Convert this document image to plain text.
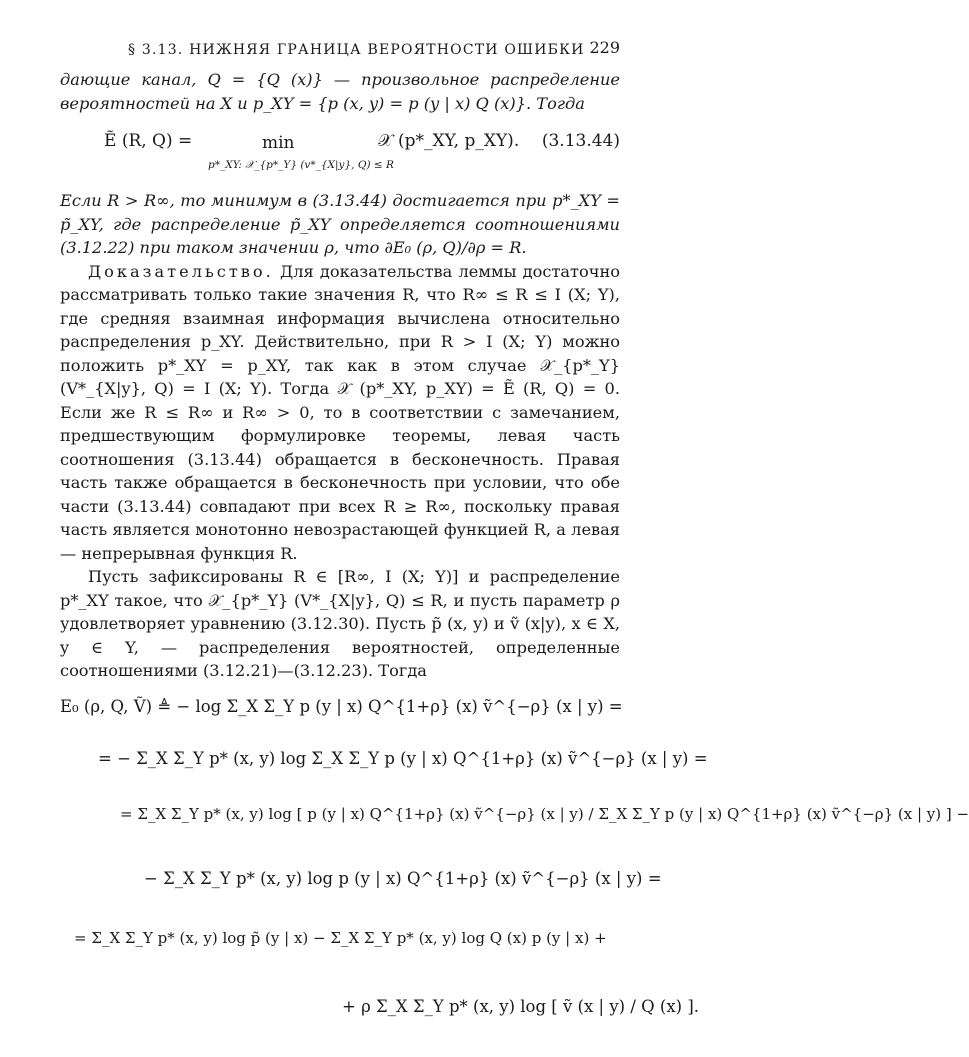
§ 3.13. НИЖНЯЯ ГРАНИЦА ВЕРОЯТНОСТИ ОШИБКИ 229

дающие канал, Q = {Q (x)} — произвольное распределение вероятностей на X и p_XY = {p (x, y) = p (y | x) Q (x)}. Тогда

Ẽ (R, Q) =	min
p*_XY: 𝒳_{p*_Y} (v*_{X|y}, Q) ≤ R
𝒳 (p*_XY, p_XY). (3.13.44)

Если R > R∞, то минимум в (3.13.44) достигается при p*_XY = p̃_XY, где распределение p̃_XY определяется соотношениями (3.12.22) при таком значении ρ, что ∂E₀ (ρ, Q)/∂ρ = R.

Доказательство. Для доказательства леммы достаточно рассматривать только такие значения R, что R∞ ≤ R ≤ I (X; Y), где средняя взаимная информация вычислена относительно распределения p_XY. Действительно, при R > I (X; Y) можно положить p*_XY = p_XY, так как в этом случае 𝒳_{p*_Y} (V*_{X|y}, Q) = I (X; Y). Тогда 𝒳 (p*_XY, p_XY) = Ẽ (R, Q) = 0. Если же R ≤ R∞ и R∞ > 0, то в соответствии с замечанием, предшествующим формулировке теоремы, левая часть соотношения (3.13.44) обращается в бесконечность. Правая часть также обращается в бесконечность при условии, что обе части (3.13.44) совпадают при всех R ≥ R∞, поскольку правая часть является монотонно невозрастающей функцией R, а левая — непрерывная функция R.

Пусть зафиксированы R ∈ [R∞, I (X; Y)] и распределение p*_XY такое, что 𝒳_{p*_Y} (V*_{X|y}, Q) ≤ R, и пусть параметр ρ удовлетворяет уравнению (3.12.30). Пусть p̃ (x, y) и ṽ (x|y), x ∈ X, y ∈ Y, — распределения вероятностей, определенные соотношениями (3.12.21)—(3.12.23). Тогда

E₀ (ρ, Q, Ṽ) ≜ − log Σ_X Σ_Y p (y | x) Q^{1+ρ} (x) ṽ^{−ρ} (x | y) =
= − Σ_X Σ_Y p* (x, y) log Σ_X Σ_Y p (y | x) Q^{1+ρ} (x) ṽ^{−ρ} (x | y) =
= Σ_X Σ_Y p* (x, y) log [ p (y | x) Q^{1+ρ} (x) ṽ^{−ρ} (x | y) / Σ_X Σ_Y p (y | x) Q^{1+ρ} (x) ṽ^{−ρ} (x | y) ] −
− Σ_X Σ_Y p* (x, y) log p (y | x) Q^{1+ρ} (x) ṽ^{−ρ} (x | y) =
= Σ_X Σ_Y p* (x, y) log p̃ (y | x) − Σ_X Σ_Y p* (x, y) log Q (x) p (y | x) +
+ ρ Σ_X Σ_Y p* (x, y) log [ ṽ (x | y) / Q (x) ].
